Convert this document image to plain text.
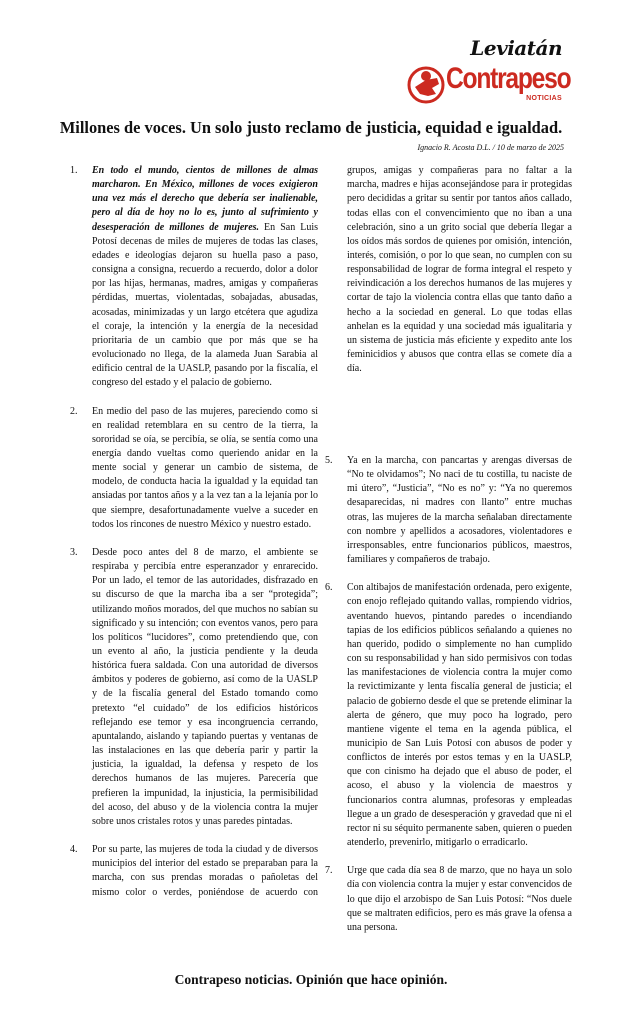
Leviatán
Contrapeso
NOTICIAS
Millones de voces. Un solo justo reclamo de justicia, equidad e igualdad.
Ignacio R. Acosta D.L. / 10 de marzo de 2025
1. En todo el mundo, cientos de millones de almas marcharon. En México, millones de voces exigieron una vez más el derecho que debería ser inalienable, pero al día de hoy no lo es, junto al sufrimiento y desesperación de millones de mujeres. En San Luis Potosí decenas de miles de mujeres de todas las clases, edades e ideologías dejaron su huella paso a paso, consigna a consigna, recuerdo a recuerdo, dolor a dolor por las hijas, hermanas, madres, amigas y compañeras pérdidas, muertas, violentadas, sobajadas, abusadas, acosadas, minimizadas y un largo etcétera que agudiza el coraje, la intención y la energía de la necesidad prioritaria de un cambio que por más que se ha evolucionado no llega, de la alameda Juan Sarabia al edificio central de la UASLP, pasando por la fiscalía, el congreso del estado y el palacio de gobierno.
2. En medio del paso de las mujeres, pareciendo como si en realidad retemblara en su centro de la tierra, la sororidad se oía, se percibía, se olía, se sentía como una energía dando vueltas como queriendo anidar en la mente social y generar un cambio de sistema, de modelo, de conducta hacia la igualdad y la equidad tan ansiadas por tantos años y a la vez tan a la lejanía por lo que siempre, desafortunadamente vuelve a suceder en todos los rincones de nuestro México y nuestro estado.
3. Desde poco antes del 8 de marzo, el ambiente se respiraba y percibía entre esperanzador y enrarecido. Por un lado, el temor de las autoridades, disfrazado en su discurso de que la marcha iba a ser “protegida”; utilizando moños morados, del que muchos no sabían su significado y su intención; con eventos vanos, pero para los políticos “lucidores”, como pretendiendo que, con un evento al año, la justicia pendiente y la deuda histórica fuera saldada. Con una autoridad de diversos ámbitos y poderes de gobierno, así como de la UASLP y de la fiscalía general del Estado tomando como pretexto “el cuidado” de los edificios históricos reflejando ese temor y esa incongruencia cerrando, apuntalando, aislando y tapiando puertas y ventanas de las instalaciones en las que debería parir y partir la justicia, la igualdad, la defensa y respeto de los derechos humanos de las mujeres. Parecería que prefieren la impunidad, la injusticia, la permisibilidad del acoso, del abuso y de la violencia contra la mujer sobre unos cristales rotos y unas paredes pintadas.
4. Por su parte, las mujeres de toda la ciudad y de diversos municipios del interior del estado se preparaban para la marcha, con sus prendas moradas o pañoletas del mismo color o verdes, poniéndose de acuerdo con
grupos, amigas y compañeras para no faltar a la marcha, madres e hijas aconsejándose para ir protegidas pero decididas a gritar su sentir por tantos años callado, todas ellas con el convencimiento que no iban a una celebración, sino a un grito social que debería llegar a los oídos más sordos de quienes por omisión, intención, interés, comisión, o por lo que sean, no cumplen con su responsabilidad de lograr de forma integral el respeto y reivindicación a los derechos humanos de las mujeres y cortar de tajo la violencia contra ellas que tanto daño a hecho a la sociedad en general. Lo que todas ellas anhelan es la equidad y una sociedad más igualitaria y un sistema de justicia más eficiente y expedito ante los feminicidios y abusos que contra ellas se comete día a día.
5. Ya en la marcha, con pancartas y arengas diversas de “No te olvidamos”; No naci de tu costilla, tu naciste de mi útero”, “Justicia”, “No es no” y: “Ya no queremos desaparecidas, ni madres con llanto” entre muchas otras, las mujeres de la marcha señalaban directamente con nombre y apellidos a acosadores, violentadores e irresponsables, entre funcionarios públicos, maestros, familiares y compañeros de trabajo.
6. Con altibajos de manifestación ordenada, pero exigente, con enojo reflejado quitando vallas, rompiendo vidrios, aventando huevos, pintando paredes o incendiando tapias de los edificios públicos señalando a quienes no han querido, podido o simplemente no han cumplido con su responsabilidad y han sido permisivos con todas las manifestaciones de violencia contra la mujer como la revictimizante y lenta fiscalía general de justicia; el palacio de gobierno desde el que se pretende eliminar la alerta de género, que muy poco ha logrado, pero mantiene vigente el tema en la agenda pública, el municipio de San Luis Potosí con abusos de poder y conflictos de interés por estos temas y en la UASLP, que con cinismo ha dejado que el abuso de poder, el acoso, el abuso y la violencia de maestros y funcionarios contra alumnas, profesoras y empleadas llegue a un grado de desesperación y gravedad que ni el rector ni su séquito permanente saben, quieren o pueden atenderlo, prevenirlo, mitigarlo o erradicarlo.
7. Urge que cada día sea 8 de marzo, que no haya un solo día con violencia contra la mujer y estar convencidos de lo que dijo el arzobispo de San Luis Potosí: “Nos duele que se maltraten edificios, pero es más grave la ofensa a una persona.
Contrapeso noticias. Opinión que hace opinión.
